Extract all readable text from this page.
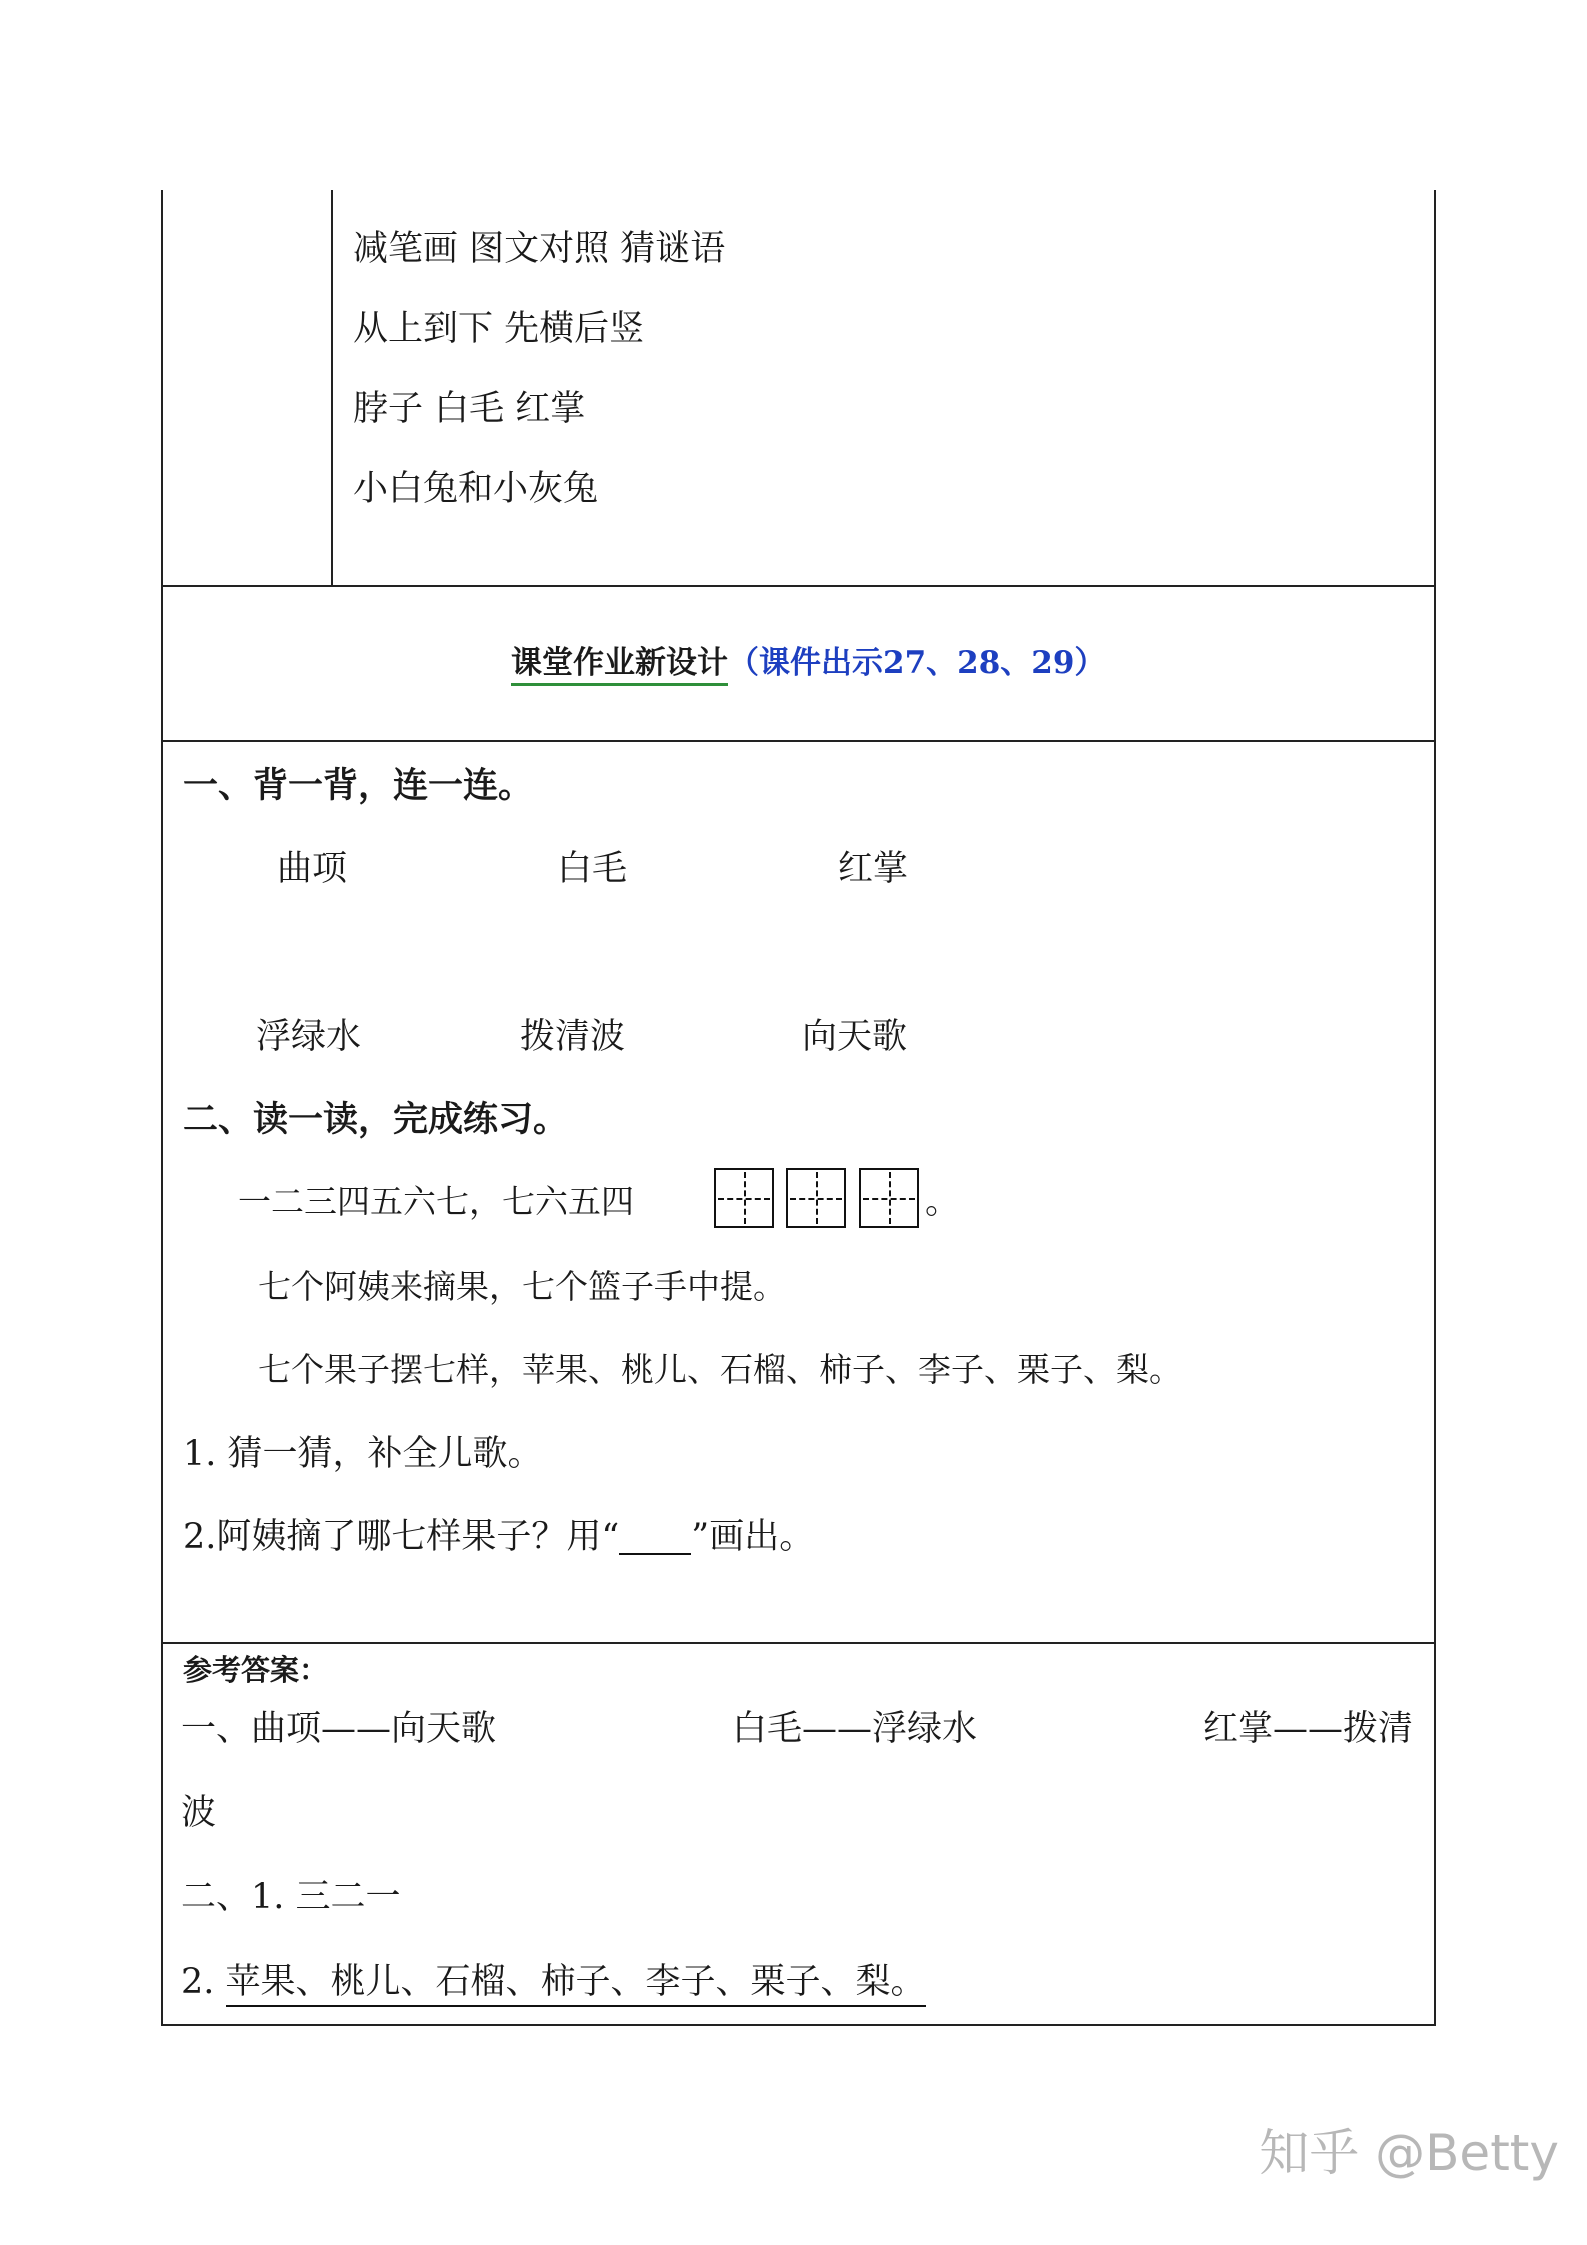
减笔画 图文对照 猜谜语
从上到下 先横后竖
脖子 白毛 红掌
小白兔和小灰兔
课堂作业新设计（课件出示27、28、29）
一、背一背，连一连。
曲项	白毛	红掌
浮绿水	拨清波	向天歌
二、读一读，完成练习。
一二三四五六七，七六五四	。
七个阿姨来摘果，七个篮子手中提。
七个果子摆七样，苹果、桃儿、石榴、柿子、李子、栗子、梨。
1. 猜一猜，补全儿歌。
2.阿姨摘了哪七样果子？用“ ”画出。
参考答案：
一、曲项——向天歌	白毛——浮绿水	红掌——拨清
波
二、1. 三二一
2. 苹果、桃儿、石榴、柿子、李子、栗子、梨。
知乎 @Betty
